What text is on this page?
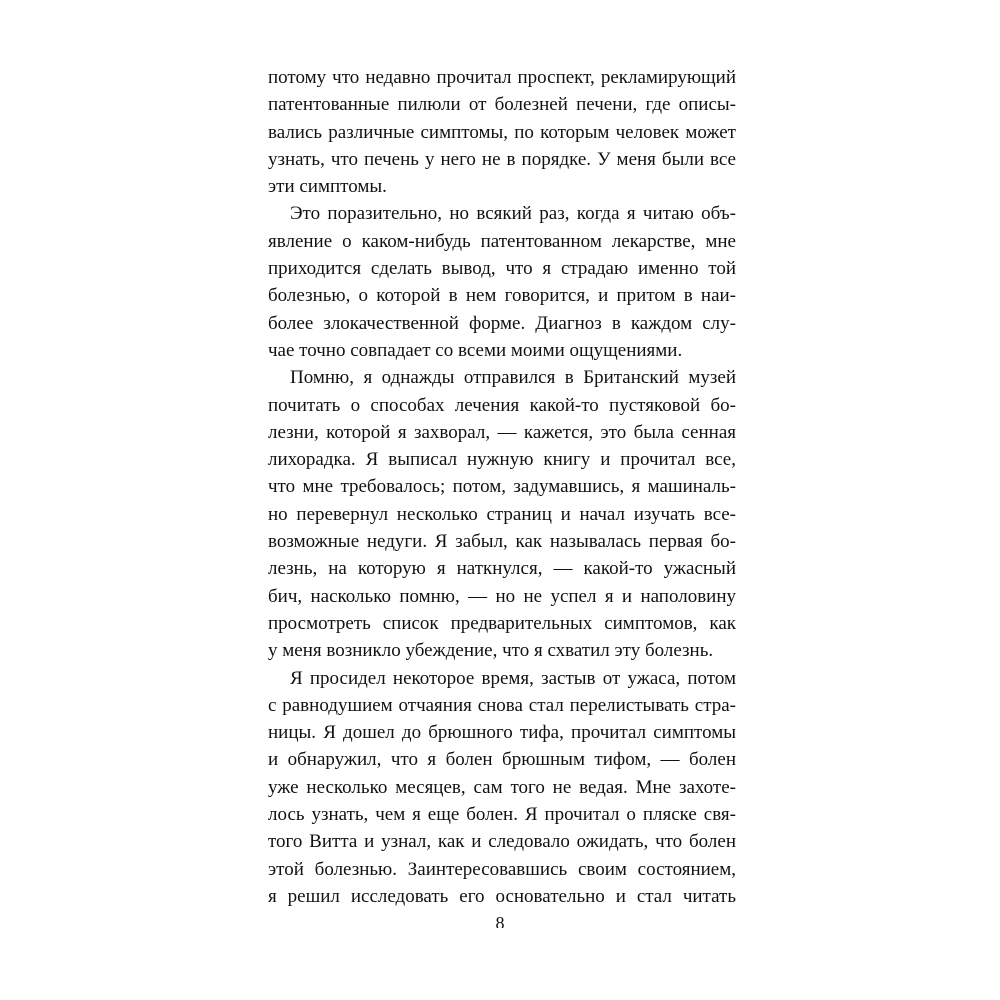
потому что недавно прочитал проспект, рекламирующий
патентованные пилюли от болезней печени, где описы-
вались различные симптомы, по которым человек может
узнать, что печень у него не в порядке. У меня были все
эти симптомы.
Это поразительно, но всякий раз, когда я читаю объ-
явление о каком-нибудь патентованном лекарстве, мне
приходится сделать вывод, что я страдаю именно той
болезнью, о которой в нем говорится, и притом в наи-
более злокачественной форме. Диагноз в каждом слу-
чае точно совпадает со всеми моими ощущениями.
Помню, я однажды отправился в Британский музей
почитать о способах лечения какой-то пустяковой бо-
лезни, которой я захворал, — кажется, это была сенная
лихорадка. Я выписал нужную книгу и прочитал все,
что мне требовалось; потом, задумавшись, я машиналь-
но перевернул несколько страниц и начал изучать все-
возможные недуги. Я забыл, как называлась первая бо-
лезнь, на которую я наткнулся, — какой-то ужасный
бич, насколько помню, — но не успел я и наполовину
просмотреть список предварительных симптомов, как
у меня возникло убеждение, что я схватил эту болезнь.
Я просидел некоторое время, застыв от ужаса, потом
с равнодушием отчаяния снова стал перелистывать стра-
ницы. Я дошел до брюшного тифа, прочитал симптомы
и обнаружил, что я болен брюшным тифом, — болен
уже несколько месяцев, сам того не ведая. Мне захоте-
лось узнать, чем я еще болен. Я прочитал о пляске свя-
того Витта и узнал, как и следовало ожидать, что болен
этой болезнью. Заинтересовавшись своим состоянием,
я решил исследовать его основательно и стал читать
8
